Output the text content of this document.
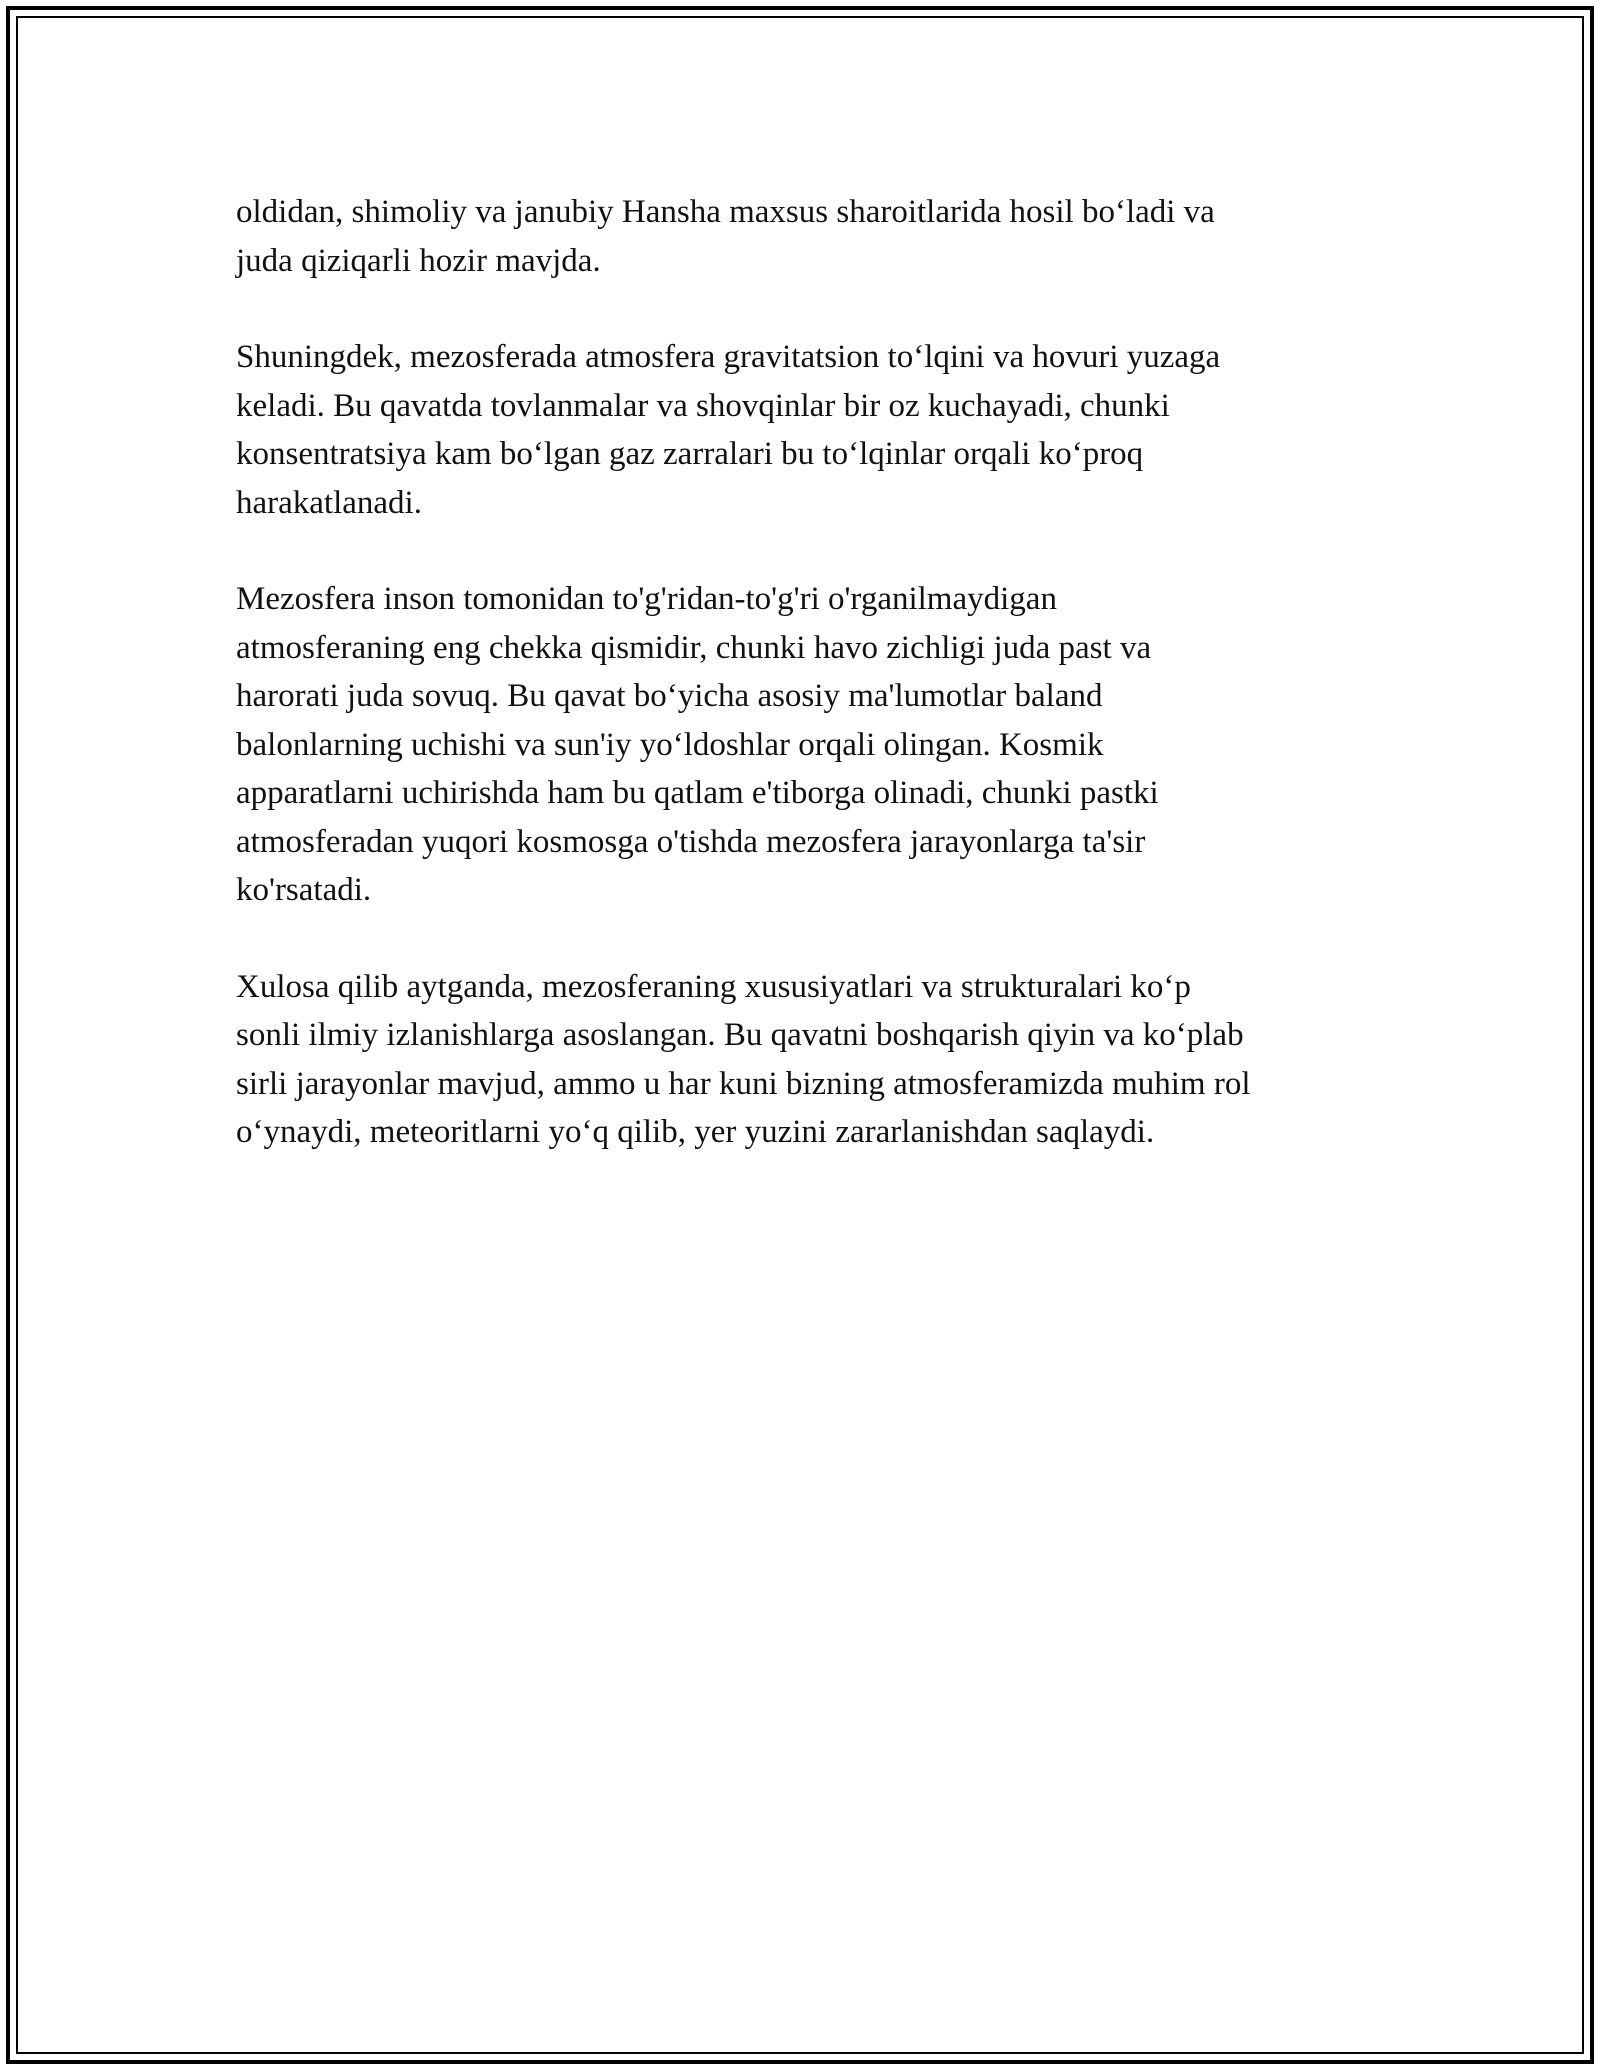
oldidan, shimoliy va janubiy Hansha maxsus sharoitlarida hosil bo‘ladi va
juda qiziqarli hozir mavjda.

Shuningdek, mezosferada atmosfera gravitatsion to‘lqini va hovuri yuzaga
keladi. Bu qavatda tovlanmalar va shovqinlar bir oz kuchayadi, chunki
konsentratsiya kam bo‘lgan gaz zarralari bu to‘lqinlar orqali ko‘proq
harakatlanadi.

Mezosfera inson tomonidan to'g'ridan-to'g'ri o'rganilmaydigan
atmosferaning eng chekka qismidir, chunki havo zichligi juda past va
harorati juda sovuq. Bu qavat bo‘yicha asosiy ma'lumotlar baland
balonlarning uchishi va sun'iy yo‘ldoshlar orqali olingan. Kosmik
apparatlarni uchirishda ham bu qatlam e'tiborga olinadi, chunki pastki
atmosferadan yuqori kosmosga o'tishda mezosfera jarayonlarga ta'sir
ko'rsatadi.

Xulosa qilib aytganda, mezosferaning xususiyatlari va strukturalari ko‘p
sonli ilmiy izlanishlarga asoslangan. Bu qavatni boshqarish qiyin va ko‘plab
sirli jarayonlar mavjud, ammo u har kuni bizning atmosferamizda muhim rol
o‘ynaydi, meteoritlarni yo‘q qilib, yer yuzini zararlanishdan saqlaydi.
